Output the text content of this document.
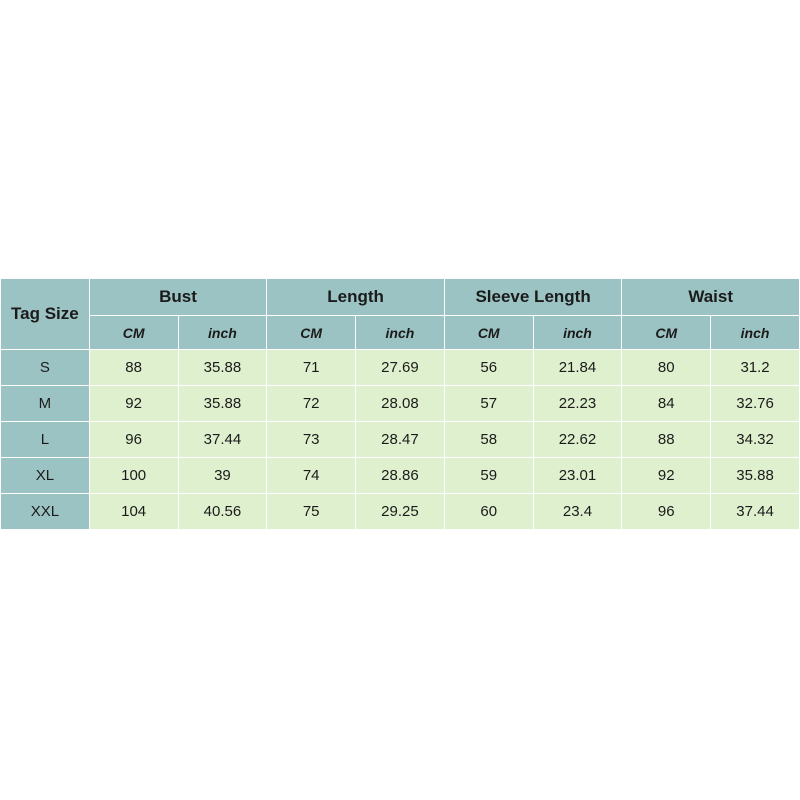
Tag Size	Bust		Length		Sleeve Length		Waist	
	CM	inch	CM	inch	CM	inch	CM	inch
S	88	35.88	71	27.69	56	21.84	80	31.2
M	92	35.88	72	28.08	57	22.23	84	32.76
L	96	37.44	73	28.47	58	22.62	88	34.32
XL	100	39	74	28.86	59	23.01	92	35.88
XXL	104	40.56	75	29.25	60	23.4	96	37.44
